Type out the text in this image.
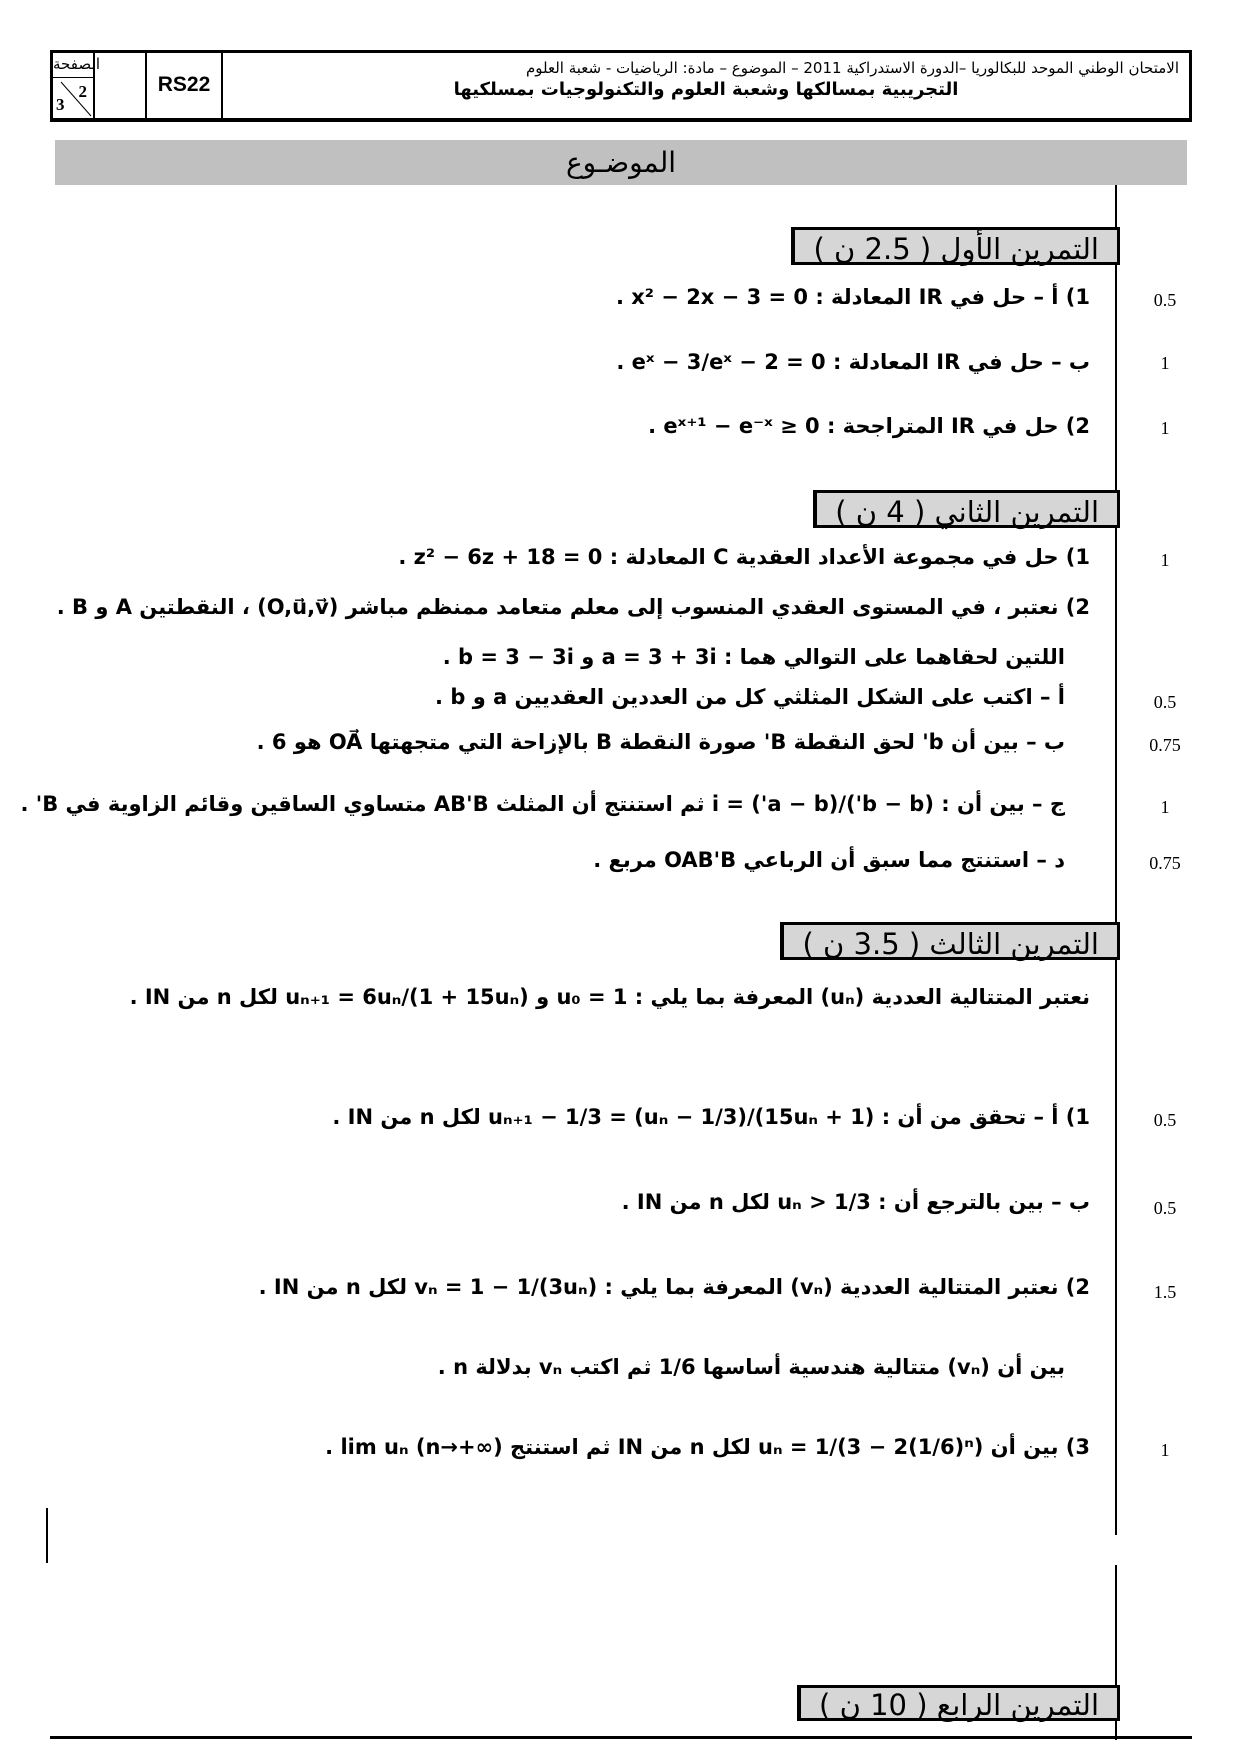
الصفحة
2
3
RS22
الامتحان الوطني الموحد للبكالوريا –الدورة الاستدراكية 2011 – الموضوع – مادة: الرياضيات - شعبة العلوم
التجريبية بمسالكها وشعبة العلوم والتكنولوجيات بمسلكيها
الموضـوع
التمرين الأول ( 2.5 ن )
1) أ – حل في IR المعادلة : x² − 2x − 3 = 0 .	0.5
ب – حل في IR المعادلة : eˣ − 3/eˣ − 2 = 0 .	1
2) حل في IR المتراجحة : eˣ⁺¹ − e⁻ˣ ≥ 0 .	1
التمرين الثاني ( 4 ن )
1) حل في مجموعة الأعداد العقدية C المعادلة : z² − 6z + 18 = 0 .	1
2) نعتبر ، في المستوى العقدي المنسوب إلى معلم متعامد ممنظم مباشر (O,u⃗,v⃗) ، النقطتين A و B .
اللتين لحقاهما على التوالي هما : a = 3 + 3i و b = 3 − 3i .
أ – اكتب على الشكل المثلثي كل من العددين العقديين a و b .	0.5
ب – بين أن b' لحق النقطة B' صورة النقطة B بالإزاحة التي متجهتها OA⃗ هو 6 .	0.75
ج – بين أن : (b − b')/(a − b') = i ثم استنتج أن المثلث AB'B متساوي الساقين وقائم الزاوية في B' .	1
د – استنتج مما سبق أن الرباعي OAB'B مربع .	0.75
التمرين الثالث ( 3.5 ن )
نعتبر المتتالية العددية (uₙ) المعرفة بما يلي : u₀ = 1 و uₙ₊₁ = 6uₙ/(1 + 15uₙ) لكل n من IN .
1) أ – تحقق من أن : uₙ₊₁ − 1/3 = (uₙ − 1/3)/(15uₙ + 1) لكل n من IN .	0.5
ب – بين بالترجع أن : uₙ > 1/3 لكل n من IN .	0.5
2) نعتبر المتتالية العددية (vₙ) المعرفة بما يلي : vₙ = 1 − 1/(3uₙ) لكل n من IN .	1.5
بين أن (vₙ) متتالية هندسية أساسها 1/6 ثم اكتب vₙ بدلالة n .
3) بين أن uₙ = 1/(3 − 2(1/6)ⁿ) لكل n من IN ثم استنتج lim uₙ (n→+∞) .	1
التمرين الرابع ( 10 ن )
